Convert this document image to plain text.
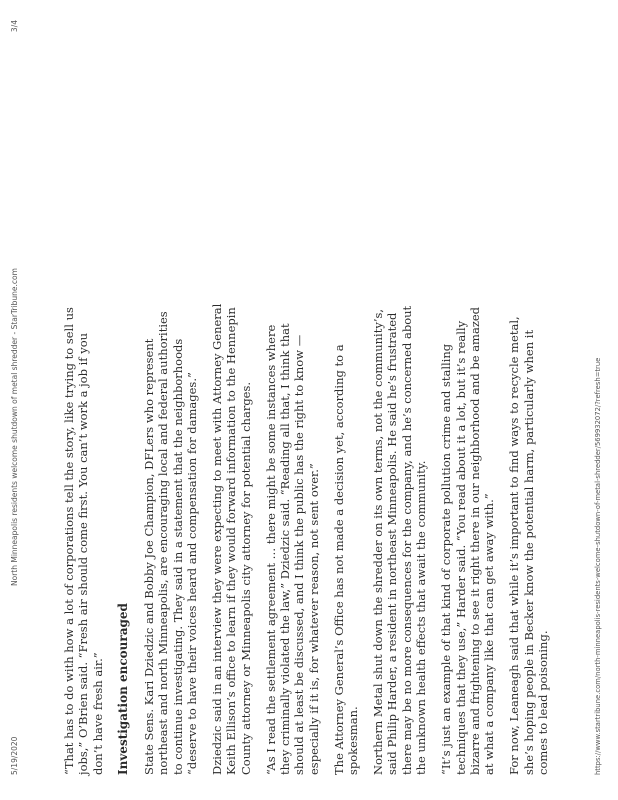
5/19/2020
North Minneapolis residents welcome shutdown of metal shredder - StarTribune.com
3/4

“That has to do with how a lot of corporations tell the story, like trying to sell us jobs,” O’Brien said. “Fresh air should come first. You can’t work a job if you don’t have fresh air.” Investigation encouraged State Sens. Kari Dziedzic and Bobby Joe Champion, DFLers who represent northeast and north Minneapolis, are encouraging local and federal authorities to continue investigating. They said in a statement that the neighborhoods “deserve to have their voices heard and compensation for damages.” Dziedzic said in an interview they were expecting to meet with Attorney General Keith Ellison’s office to learn if they would forward information to the Hennepin County attorney or Minneapolis city attorney for potential charges. “As I read the settlement agreement … there might be some instances where they criminally violated the law,” Dziedzic said. “Reading all that, I think that should at least be discussed, and I think the public has the right to know — especially if it is, for whatever reason, not sent over.” The Attorney General’s Office has not made a decision yet, according to a spokesman. Northern Metal shut down the shredder on its own terms, not the community’s, said Philip Harder, a resident in northeast Minneapolis. He said he’s frustrated there may be no more consequences for the company, and he’s concerned about the unknown health effects that await the community. “It’s just an example of that kind of corporate pollution crime and stalling techniques that they use,” Harder said. “You read about it a lot, but it’s really bizarre and frightening to see it right there in our neighborhood and be amazed at what a company like that can get away with.” For now, Leaneagh said that while it’s important to find ways to recycle metal, she’s hoping people in Becker know the potential harm, particularly when it comes to lead poisoning.	https://www.startribune.com/north-minneapolis-residents-welcome-shutdown-of-metal-shredder/569932072/?refresh=true
